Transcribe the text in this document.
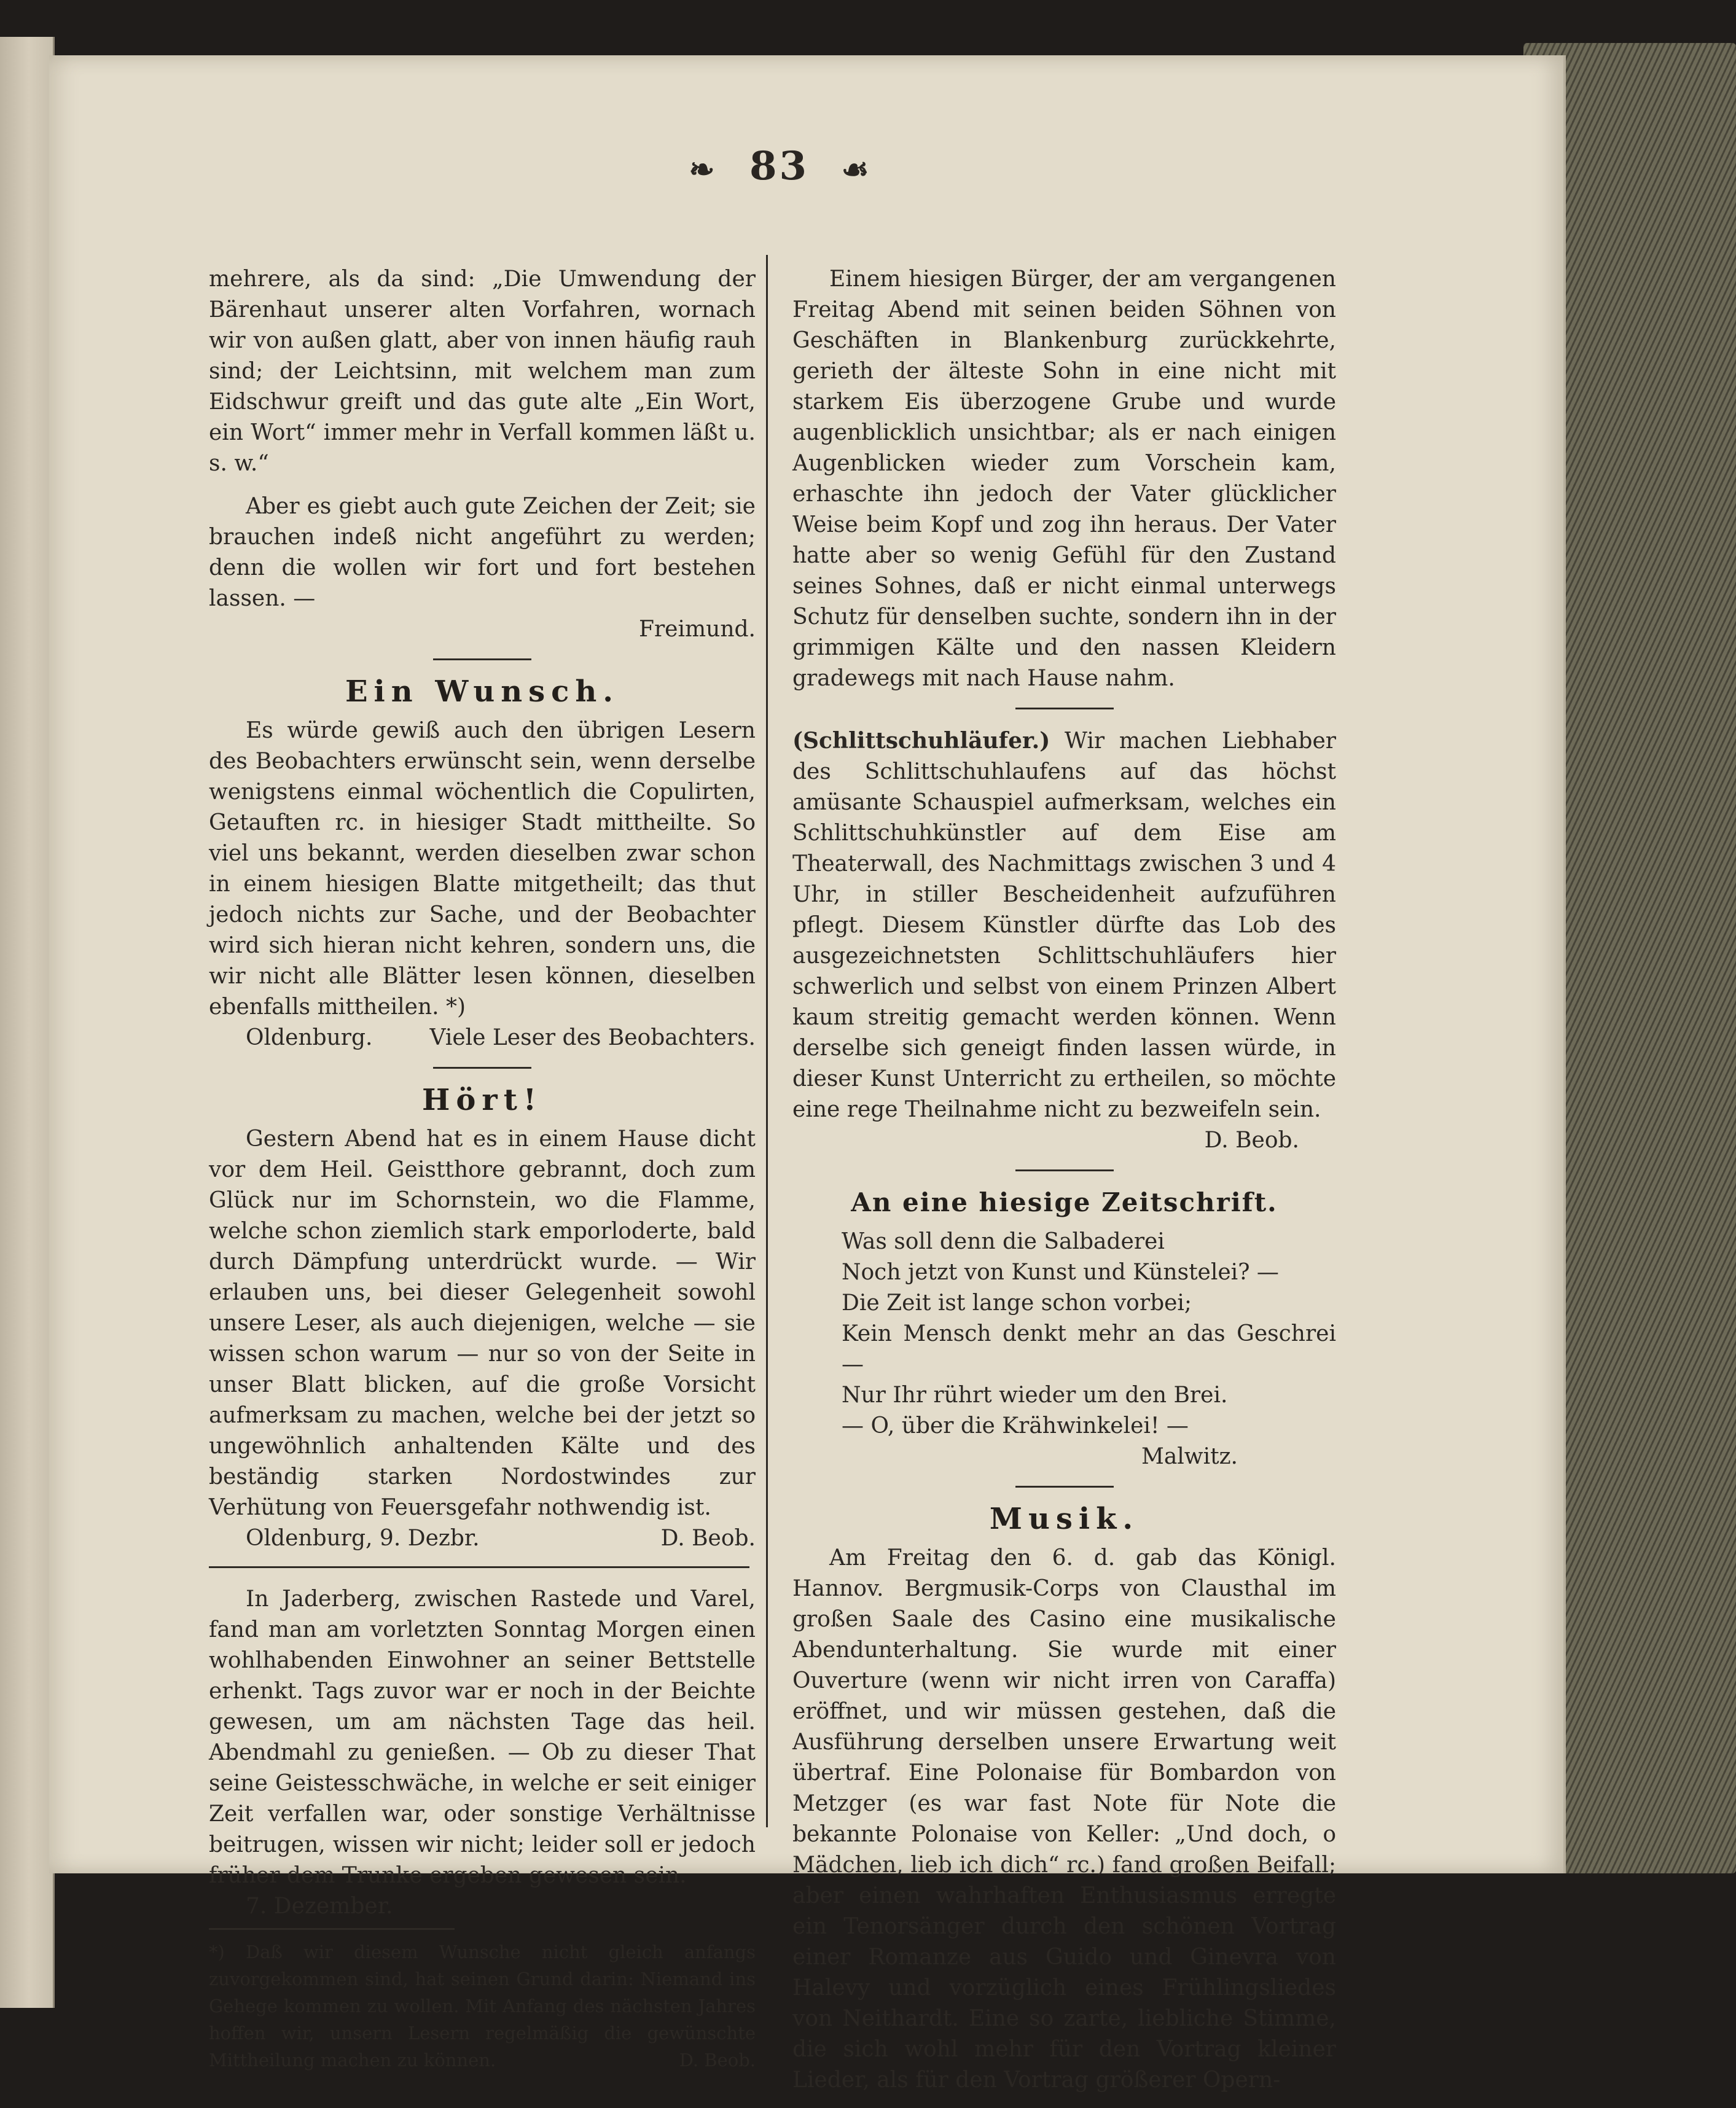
❧ 83 ☙

mehrere, als da sind: „Die Umwendung der Bärenhaut unserer alten Vorfahren, wornach wir von außen glatt, aber von innen häufig rauh sind; der Leichtsinn, mit welchem man zum Eidschwur greift und das gute alte „Ein Wort, ein Wort“ immer mehr in Verfall kommen läßt u. s. w.“

Aber es giebt auch gute Zeichen der Zeit; sie brauchen indeß nicht angeführt zu werden; denn die wollen wir fort und fort bestehen lassen. —

Freimund.
Ein Wunsch.

Es würde gewiß auch den übrigen Lesern des Beobachters erwünscht sein, wenn derselbe wenigstens einmal wöchentlich die Copulirten, Getauften rc. in hiesiger Stadt mittheilte. So viel uns bekannt, werden dieselben zwar schon in einem hiesigen Blatte mitgetheilt; das thut jedoch nichts zur Sache, und der Beobachter wird sich hieran nicht kehren, sondern uns, die wir nicht alle Blätter lesen können, dieselben ebenfalls mittheilen. *)

Oldenburg.	Viele Leser des Beobachters.
Hört!

Gestern Abend hat es in einem Hause dicht vor dem Heil. Geistthore gebrannt, doch zum Glück nur im Schornstein, wo die Flamme, welche schon ziemlich stark emporloderte, bald durch Dämpfung unterdrückt wurde. — Wir erlauben uns, bei dieser Gelegenheit sowohl unsere Leser, als auch diejenigen, welche — sie wissen schon warum — nur so von der Seite in unser Blatt blicken, auf die große Vorsicht aufmerksam zu machen, welche bei der jetzt so ungewöhnlich anhaltenden Kälte und des beständig starken Nordostwindes zur Verhütung von Feuersgefahr nothwendig ist.

Oldenburg, 9. Dezbr.	D. Beob.

In Jaderberg, zwischen Rastede und Varel, fand man am vorletzten Sonntag Morgen einen wohlhabenden Einwohner an seiner Bettstelle erhenkt. Tags zuvor war er noch in der Beichte gewesen, um am nächsten Tage das heil. Abendmahl zu genießen. — Ob zu dieser That seine Geistesschwäche, in welche er seit einiger Zeit verfallen war, oder sonstige Verhältnisse beitrugen, wissen wir nicht; leider soll er jedoch früher dem Trunke ergeben gewesen sein.

7. Dezember.
*) Daß wir diesem Wunsche nicht gleich anfangs zuvorgekommen sind, hat seinen Grund darin: Niemand ins Gehege kommen zu wollen. Mit Anfang des nächsten Jahres hoffen wir, unsern Lesern regelmäßig die gewünschte Mittheilung machen zu können.	D. Beob.

Einem hiesigen Bürger, der am vergangenen Freitag Abend mit seinen beiden Söhnen von Geschäften in Blankenburg zurückkehrte, gerieth der älteste Sohn in eine nicht mit starkem Eis überzogene Grube und wurde augenblicklich unsichtbar; als er nach einigen Augenblicken wieder zum Vorschein kam, erhaschte ihn jedoch der Vater glücklicher Weise beim Kopf und zog ihn heraus. Der Vater hatte aber so wenig Gefühl für den Zustand seines Sohnes, daß er nicht einmal unterwegs Schutz für denselben suchte, sondern ihn in der grimmigen Kälte und den nassen Kleidern gradewegs mit nach Hause nahm.

(Schlittschuhläufer.) Wir machen Liebhaber des Schlittschuhlaufens auf das höchst amüsante Schauspiel aufmerksam, welches ein Schlittschuhkünstler auf dem Eise am Theaterwall, des Nachmittags zwischen 3 und 4 Uhr, in stiller Bescheidenheit aufzuführen pflegt. Diesem Künstler dürfte das Lob des ausgezeichnetsten Schlittschuhläufers hier schwerlich und selbst von einem Prinzen Albert kaum streitig gemacht werden können. Wenn derselbe sich geneigt finden lassen würde, in dieser Kunst Unterricht zu ertheilen, so möchte eine rege Theilnahme nicht zu bezweifeln sein.

D. Beob.
An eine hiesige Zeitschrift.
Was soll denn die Salbaderei
Noch jetzt von Kunst und Künstelei? —
Die Zeit ist lange schon vorbei;
Kein Mensch denkt mehr an das Geschrei —
Nur Ihr rührt wieder um den Brei.
— O, über die Krähwinkelei! —
Malwitz.
Musik.

Am Freitag den 6. d. gab das Königl. Hannov. Bergmusik-Corps von Clausthal im großen Saale des Casino eine musikalische Abendunterhaltung. Sie wurde mit einer Ouverture (wenn wir nicht irren von Caraffa) eröffnet, und wir müssen gestehen, daß die Ausführung derselben unsere Erwartung weit übertraf. Eine Polonaise für Bombardon von Metzger (es war fast Note für Note die bekannte Polonaise von Keller: „Und doch, o Mädchen, lieb ich dich“ rc.) fand großen Beifall; aber einen wahrhaften Enthusiasmus erregte ein Tenorsänger durch den schönen Vortrag einer Romanze aus Guido und Ginevra von Halevy und vorzüglich eines Frühlingsliedes von Neithardt. Eine so zarte, liebliche Stimme, die sich wohl mehr für den Vortrag kleiner Lieder, als für den Vortrag größerer Opern-
